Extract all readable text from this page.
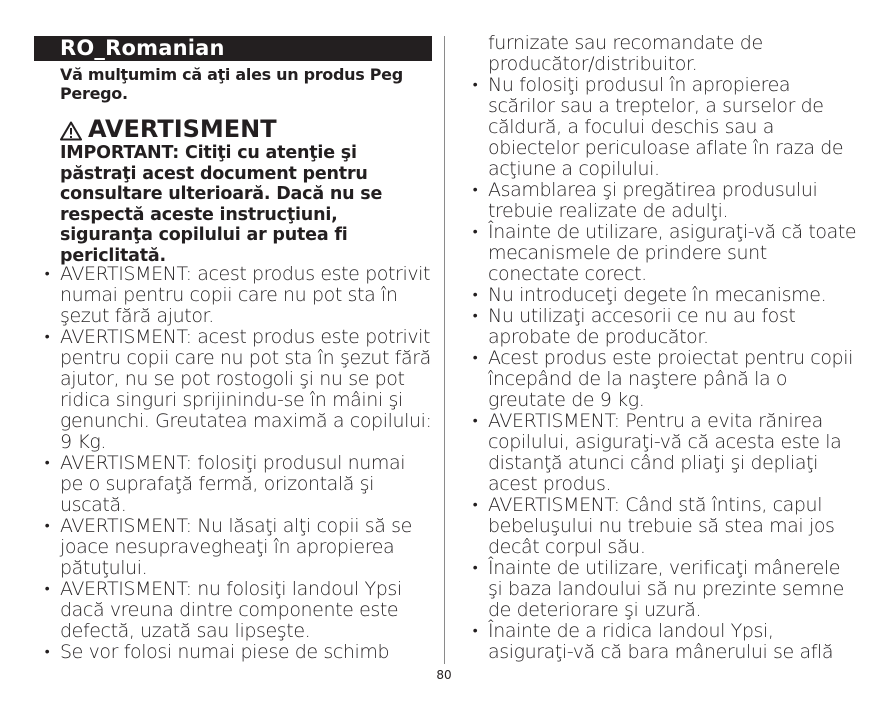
RO_Romanian
Vă mulţumim că aţi ales un produs Peg Perego.
AVERTISMENT
IMPORTANT: Citiţi cu atenţie şi păstraţi acest document pentru consultare ulterioară. Dacă nu se respectă aceste instrucţiuni, siguranţa copilului ar putea fi periclitată.
• AVERTISMENT: acest produs este potrivit numai pentru copii care nu pot sta în şezut fără ajutor.
• AVERTISMENT: acest produs este potrivit pentru copii care nu pot sta în şezut fără ajutor, nu se pot rostogoli şi nu se pot ridica singuri sprijinindu-se în mâini şi genunchi. Greutatea maximă a copilului: 9 Kg.
• AVERTISMENT: folosiţi produsul numai pe o suprafaţă fermă, orizontală şi uscată.
• AVERTISMENT: Nu lăsaţi alţi copii să se joace nesupravegheaţi în apropierea pătuţului.
• AVERTISMENT: nu folosiţi landoul Ypsi dacă vreuna dintre componente este defectă, uzată sau lipseşte.
• Se vor folosi numai piese de schimb
furnizate sau recomandate de producător/distribuitor.
• Nu folosiţi produsul în apropierea scărilor sau a treptelor, a surselor de căldură, a focului deschis sau a obiectelor periculoase aflate în raza de acţiune a copilului.
• Asamblarea şi pregătirea produsului trebuie realizate de adulţi.
• Înainte de utilizare, asiguraţi-vă că toate mecanismele de prindere sunt conectate corect.
• Nu introduceţi degete în mecanisme.
• Nu utilizaţi accesorii ce nu au fost aprobate de producător.
• Acest produs este proiectat pentru copii începând de la naştere până la o greutate de 9 kg.
• AVERTISMENT: Pentru a evita rănirea copilului, asiguraţi-vă că acesta este la distanţă atunci când pliaţi şi depliaţi acest produs.
• AVERTISMENT: Când stă întins, capul bebeluşului nu trebuie să stea mai jos decât corpul său.
• Înainte de utilizare, verificaţi mânerele şi baza landoului să nu prezinte semne de deteriorare şi uzură.
• Înainte de a ridica landoul Ypsi, asiguraţi-vă că bara mânerului se află
80
